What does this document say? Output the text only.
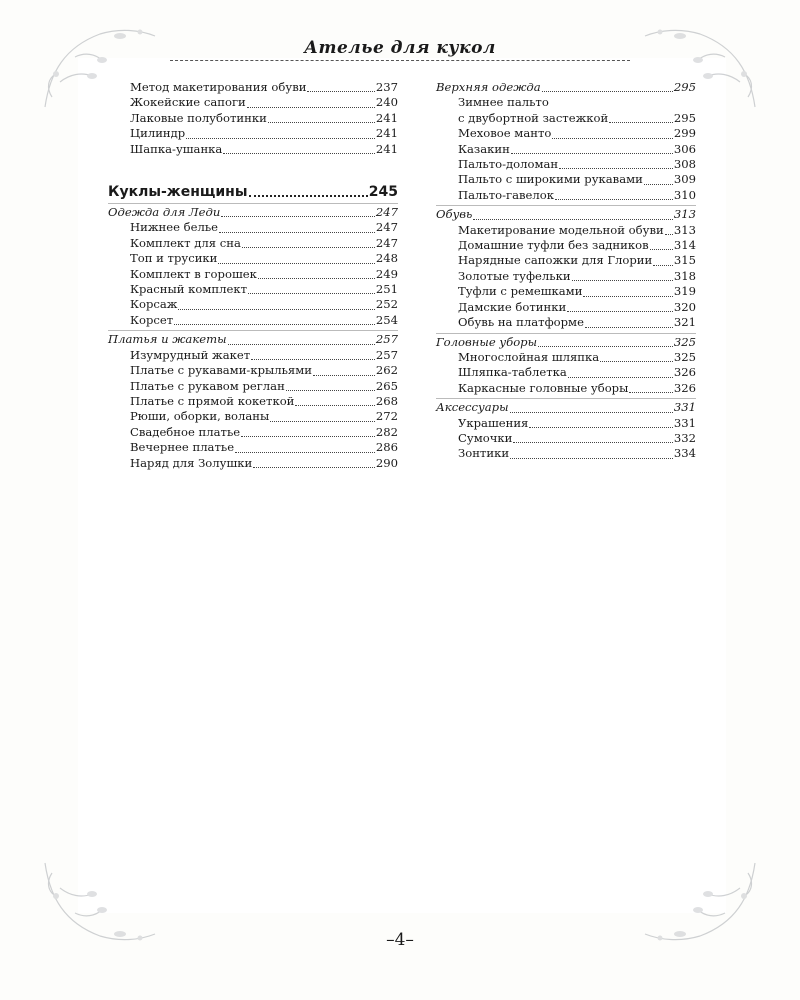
Ателье для кукол
Метод макетирования обуви	237
Жокейские сапоги	240
Лаковые полуботинки	241
Цилиндр	241
Шапка-ушанка	241
Куклы-женщины	245
Одежда для Леди	247
Нижнее белье	247
Комплект для сна	247
Топ и трусики	248
Комплект в горошек	249
Красный комплект	251
Корсаж	252
Корсет	254
Платья и жакеты	257
Изумрудный жакет	257
Платье с рукавами-крыльями	262
Платье с рукавом реглан	265
Платье с прямой кокеткой	268
Рюши, оборки, воланы	272
Свадебное платье	282
Вечернее платье	286
Наряд для Золушки	290
Верхняя одежда	295
Зимнее пальто
с двубортной застежкой	295
Меховое манто	299
Казакин	306
Пальто-доломан	308
Пальто с широкими рукавами	309
Пальто-гавелок	310
Обувь	313
Макетирование модельной обуви 313
Домашние туфли без задников 314
Нарядные сапожки для Глории 315
Золотые туфельки	318
Туфли с ремешками	319
Дамские ботинки	320
Обувь на платформе	321
Головные уборы	325
Многослойная шляпка	325
Шляпка-таблетка	326
Каркасные головные уборы	326
Аксессуары	331
Украшения	331
Сумочки	332
Зонтики	334
–4–
